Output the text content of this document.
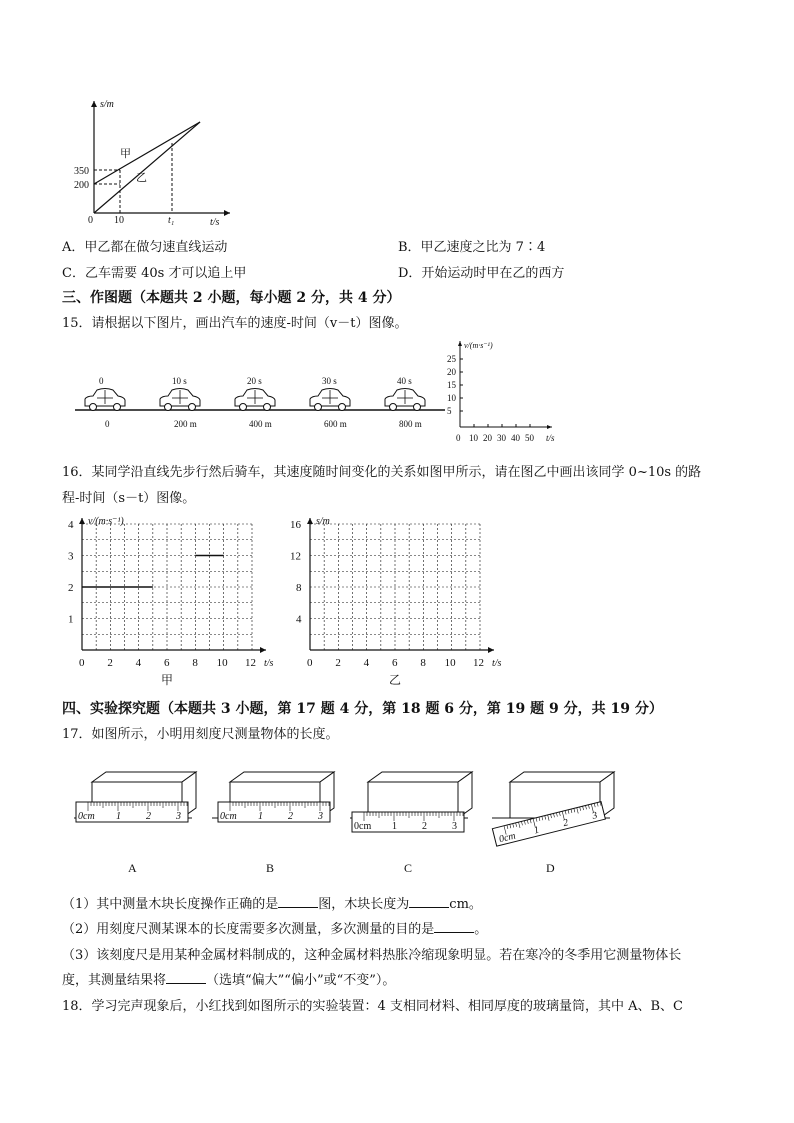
s/m
t/s
0
350
200
10	t₁
甲
乙
A．甲乙都在做匀速直线运动	B．甲乙速度之比为 7∶4
C．乙车需要 40s 才可以追上甲	D．开始运动时甲在乙的西方
三、作图题（本题共 2 小题，每小题 2 分，共 4 分）
15．请根据以下图片，画出汽车的速度-时间（v－t）图像。
0
0
10 s
200 m
20 s
400 m
30 s
600 m
40 s
800 m
25
20
15
10
5
0 10 20 30 40 50
v/(m·s⁻¹)
t/s
16．某同学沿直线先步行然后骑车，其速度随时间变化的关系如图甲所示，请在图乙中画出该同学 0~10s 的路
程-时间（s－t）图像。
4
3
2
1
0 2 4 6 8 10 12
v/(m·s⁻¹)
t/s
甲
16
12
8
4
0 2 4 6 8 10 12
s/m
t/s
乙
四、实验探究题（本题共 3 小题，第 17 题 4 分，第 18 题 6 分，第 19 题 9 分，共 19 分）
17．如图所示，小明用刻度尺测量物体的长度。
0cm 1	2	3
A
0cm 1	2	3
B
0cm 1	2	3
C
0cm 1
2
3
D
（1）其中测量木块长度操作正确的是	图，木块长度为	cm。
（2）用刻度尺测某课本的长度需要多次测量，多次测量的目的是	。
（3）该刻度尺是用某种金属材料制成的，这种金属材料热胀冷缩现象明显。若在寒冷的冬季用它测量物体长
度，其测量结果将	（选填“偏大”“偏小”或“不变”）。
18．学习完声现象后，小红找到如图所示的实验装置：4 支相同材料、相同厚度的玻璃量筒，其中 A、B、C
